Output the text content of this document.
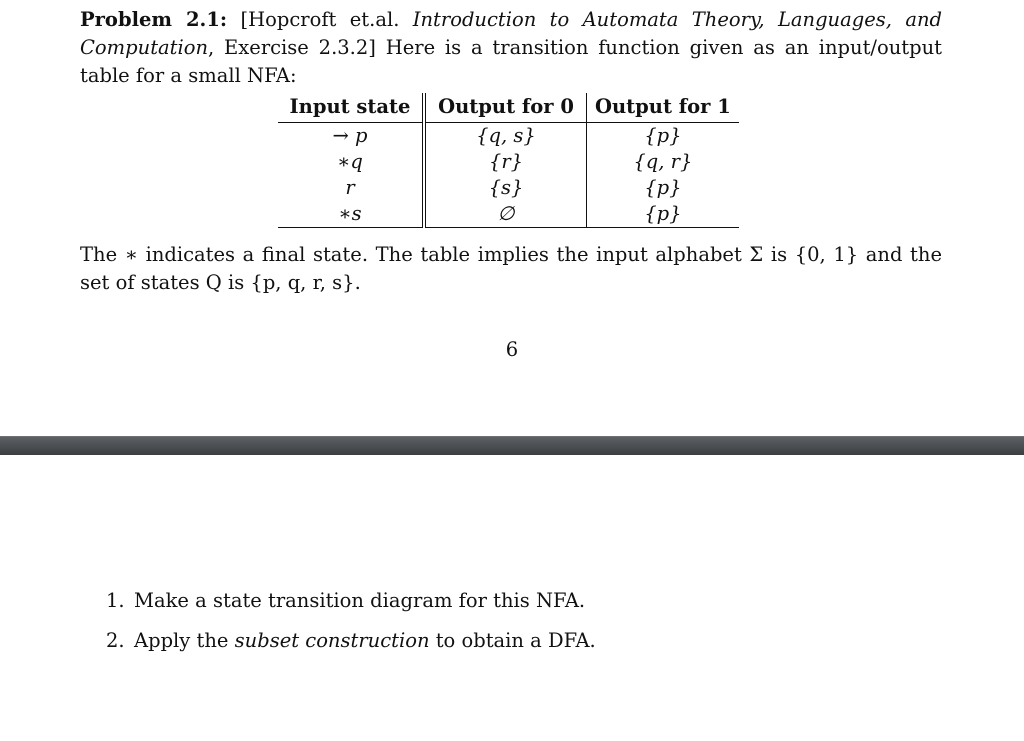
Problem 2.1: [Hopcroft et.al. Introduction to Automata Theory, Languages, and Computation, Exercise 2.3.2] Here is a transition function given as an input/output table for a small NFA:
Input state	Output for 0	Output for 1
→ p	{q, s}	{p}
∗q	{r}	{q, r}
r	{s}	{p}
∗s	∅	{p}
The ∗ indicates a final state. The table implies the input alphabet Σ is {0, 1} and the set of states Q is {p, q, r, s}.
6
1. Make a state transition diagram for this NFA.
2. Apply the subset construction to obtain a DFA.
